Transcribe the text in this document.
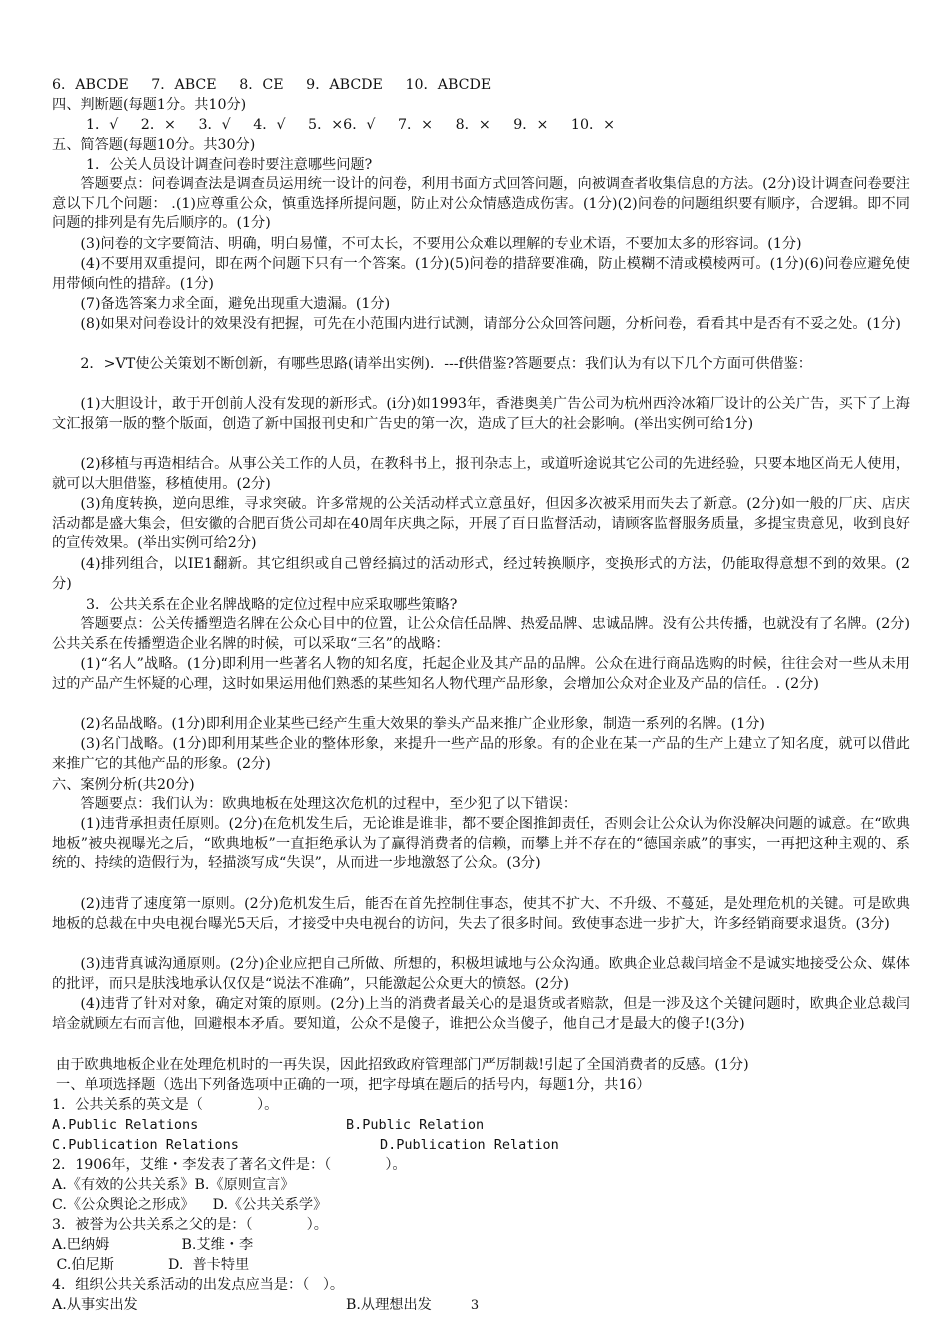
6．ABCDE     7．ABCE     8．CE     9．ABCDE     10．ABCDE
四、判断题(每题1分。共10分)
1．√     2．×     3．√     4．√     5．×6．√     7．×     8．×     9．×     10．×
五、简答题(每题10分。共30分)
1．公关人员设计调查问卷时要注意哪些问题?
答题要点：问卷调查法是调查员运用统一设计的问卷，利用书面方式回答问题，向被调查者收集信息的方法。(2分)设计调查问卷要注意以下几个问题： .(1)应尊重公众，慎重选择所提问题，防止对公众情感造成伤害。(1分)(2)问卷的问题组织要有顺序，合逻辑。即不同问题的排列是有先后顺序的。(1分)
(3)问卷的文字要简洁、明确，明白易懂，不可太长，不要用公众难以理解的专业术语，不要加太多的形容词。(1分)
(4)不要用双重提问，即在两个问题下只有一个答案。(1分)(5)问卷的措辞要准确，防止模糊不清或模棱两可。(1分)(6)问卷应避免使用带倾向性的措辞。(1分)
(7)备选答案力求全面，避免出现重大遗漏。(1分)
(8)如果对问卷设计的效果没有把握，可先在小范围内进行试测，请部分公众回答问题，分析问卷，看看其中是否有不妥之处。(1分)
2．>VT使公关策划不断创新，有哪些思路(请举出实例)．---f供借鉴?答题要点：我们认为有以下几个方面可供借鉴：
(1)大胆设计，敢于开创前人没有发现的新形式。(i分)如1993年，香港奥美广告公司为杭州西泠冰箱厂设计的公关广告，买下了上海文汇报第一版的整个版面，创造了新中国报刊史和广告史的第一次，造成了巨大的社会影响。(举出实例可给1分)
(2)移植与再造相结合。从事公关工作的人员，在教科书上，报刊杂志上，或道听途说其它公司的先进经验，只要本地区尚无人使用，就可以大胆借鉴，移植使用。(2分)
(3)角度转换，逆向思维，寻求突破。许多常规的公关活动样式立意虽好，但因多次被采用而失去了新意。(2分)如一般的厂庆、店庆活动都是盛大集会，但安徽的合肥百货公司却在40周年庆典之际，开展了百日监督活动，请顾客监督服务质量，多提宝贵意见，收到良好的宣传效果。(举出实例可给2分)
(4)排列组合，以IE1翻新。其它组织或自己曾经搞过的活动形式，经过转换顺序，变换形式的方法，仍能取得意想不到的效果。(2分)
3．公共关系在企业名牌战略的定位过程中应采取哪些策略?
答题要点：公关传播塑造名牌在公众心目中的位置，让公众信任品牌、热爱品牌、忠诚品牌。没有公共传播，也就没有了名牌。(2分)公共关系在传播塑造企业名牌的时候，可以采取“三名”的战略：
(1)“名人”战略。(1分)即利用一些著名人物的知名度，托起企业及其产品的品牌。公众在进行商品选购的时候，往往会对一些从未用过的产品产生怀疑的心理，这时如果运用他们熟悉的某些知名人物代理产品形象，会增加公众对企业及产品的信任。. (2分)
(2)名品战略。(1分)即利用企业某些已经产生重大效果的拳头产品来推广企业形象，制造一系列的名牌。(1分)
(3)名门战略。(1分)即利用某些企业的整体形象，来提升一些产品的形象。有的企业在某一产品的生产上建立了知名度，就可以借此来推广它的其他产品的形象。(2分)
六、案例分析(共20分)
答题要点：我们认为：欧典地板在处理这次危机的过程中，至少犯了以下错误：
(1)违背承担责任原则。(2分)在危机发生后，无论谁是谁非，都不要企图推卸责任，否则会让公众认为你没解决问题的诚意。在“欧典地板”被央视曝光之后，“欧典地板”一直拒绝承认为了赢得消费者的信赖，而攀上并不存在的“德国亲戚”的事实，一再把这种主观的、系统的、持续的造假行为，轻描淡写成“失误”，从而进一步地激怒了公众。(3分)
(2)违背了速度第一原则。(2分)危机发生后，能否在首先控制住事态，使其不扩大、不升级、不蔓延，是处理危机的关键。可是欧典地板的总裁在中央电视台曝光5天后，才接受中央电视台的访问，失去了很多时间。致使事态进一步扩大，许多经销商要求退货。(3分)
(3)违背真诚沟通原则。(2分)企业应把自己所做、所想的，积极坦诚地与公众沟通。欧典企业总裁闫培金不是诚实地接受公众、媒体的批评，而只是肤浅地承认仅仅是“说法不准确”，只能激起公众更大的愤怒。(2分)
(4)违背了针对对象，确定对策的原则。(2分)上当的消费者最关心的是退货或者赔款，但是一涉及这个关键问题时，欧典企业总裁闫培金就顾左右而言他，回避根本矛盾。要知道，公众不是傻子，谁把公众当傻子，他自己才是最大的傻子!(3分)
由于欧典地板企业在处理危机时的一再失误，因此招致政府管理部门严厉制裁!引起了全国消费者的反感。(1分)
一、单项选择题（选出下列备选项中正确的一项，把字母填在题后的括号内，每题1分，共16）
1．公共关系的英文是（            ）。
A.Public Relations	B.Public Relation
C.Publication Relations	D.Publication Relation
2．1906年，艾维・李发表了著名文件是：（            ）。
A.《有效的公共关系》B.《原则宣言》
C.《公众舆论之形成》    D.《公共关系学》
3．被誉为公共关系之父的是：（            ）。
A.巴纳姆                B.艾维・李
C.伯尼斯            D.  普卡特里
4．组织公共关系活动的出发点应当是：（   ）。
A.从事实出发	B.从理想出发	3
